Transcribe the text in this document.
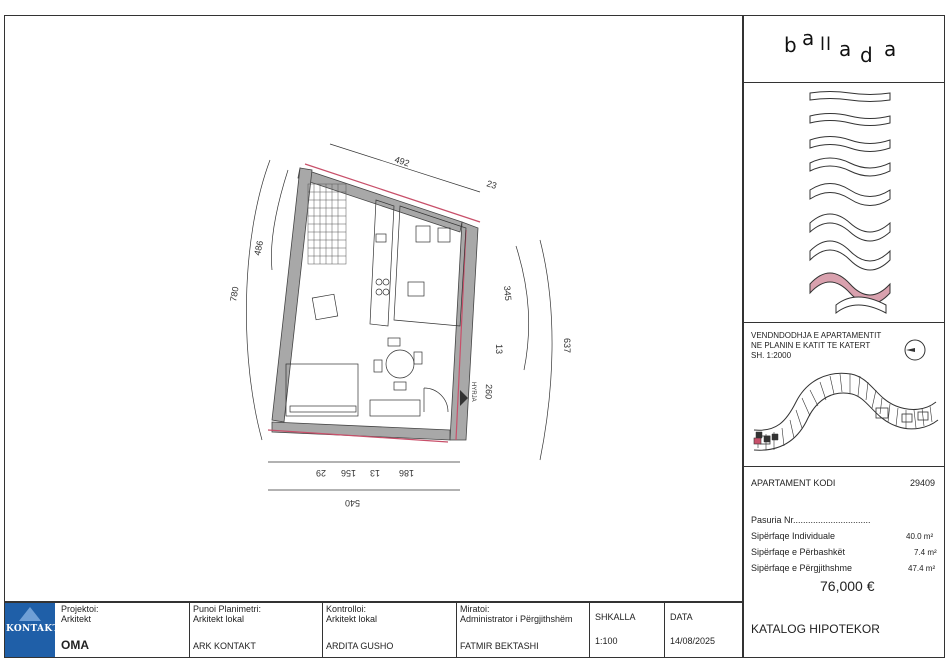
b a l l a d a
VENDNDODHJA E APARTAMENTIT
NE PLANIN E KATIT TE KATERT
SH. 1:2000
APARTAMENT KODI	29409
Pasuria Nr...............................
Sipërfaqe Individuale	40.0 m²
Sipërfaqe e Përbashkët	7.4 m²
Sipërfaqe e Përgjithshme	47.4 m²
76,000 €
KONTAKT
Projektoi:
Arkitekt
OMA
Punoi Planimetri:
Arkitekt lokal
ARK KONTAKT
Kontrolloi:
Arkitekt lokal
ARDITA GUSHO
Miratoi:
Administrator i Përgjithshëm
FATMIR BEKTASHI
SHKALLA
1:100
DATA
14/08/2025
KATALOG HIPOTEKOR
492
23
780
486
637
345
13
260
29 156 13 186
540
HYRJA
